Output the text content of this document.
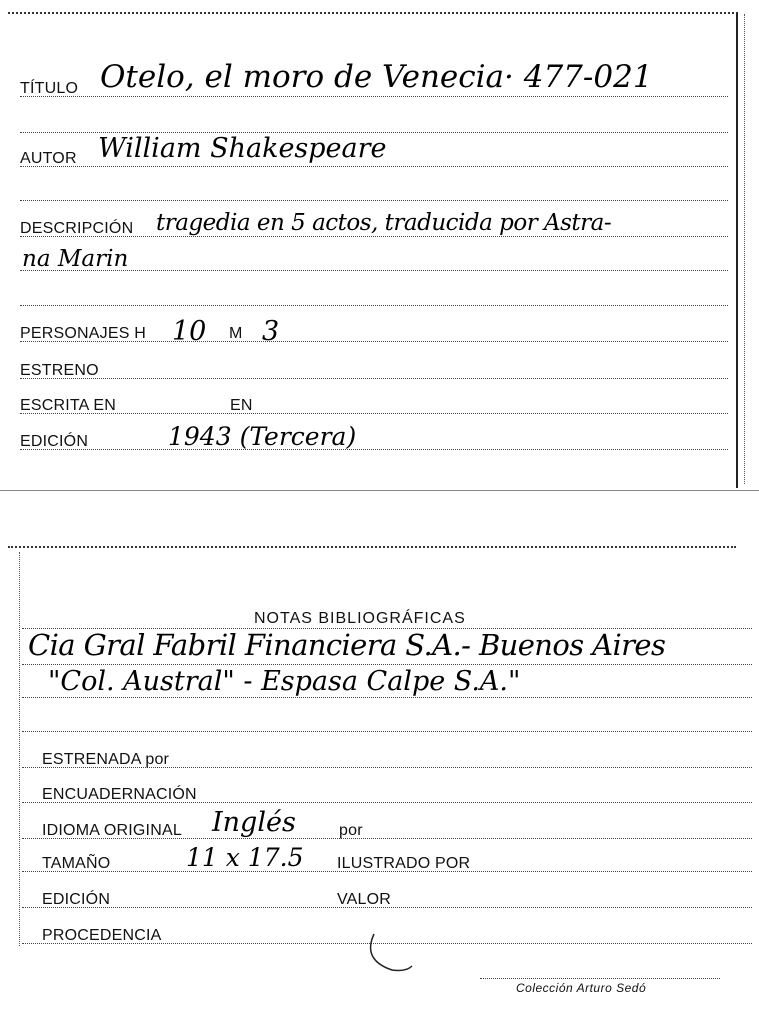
TÍTULO Otelo, el moro de Venecia· 477-021
AUTOR William Shakespeare
DESCRIPCIÓN tragedia en 5 actos, traducida por Astra-
na Marin
PERSONAJES H 10 M 3
ESTRENO
ESCRITA EN	EN
EDICIÓN	1943 (Tercera)
NOTAS BIBLIOGRÁFICAS
Cia Gral Fabril Financiera S.A.- Buenos Aires
"Col. Austral" - Espasa Calpe S.A."
ESTRENADA por
ENCUADERNACIÓN
IDIOMA ORIGINAL Inglés	por
TAMAÑO	11 x 17.5 ILUSTRADO POR
EDICIÓN	VALOR
PROCEDENCIA
Colección Arturo Sedó
